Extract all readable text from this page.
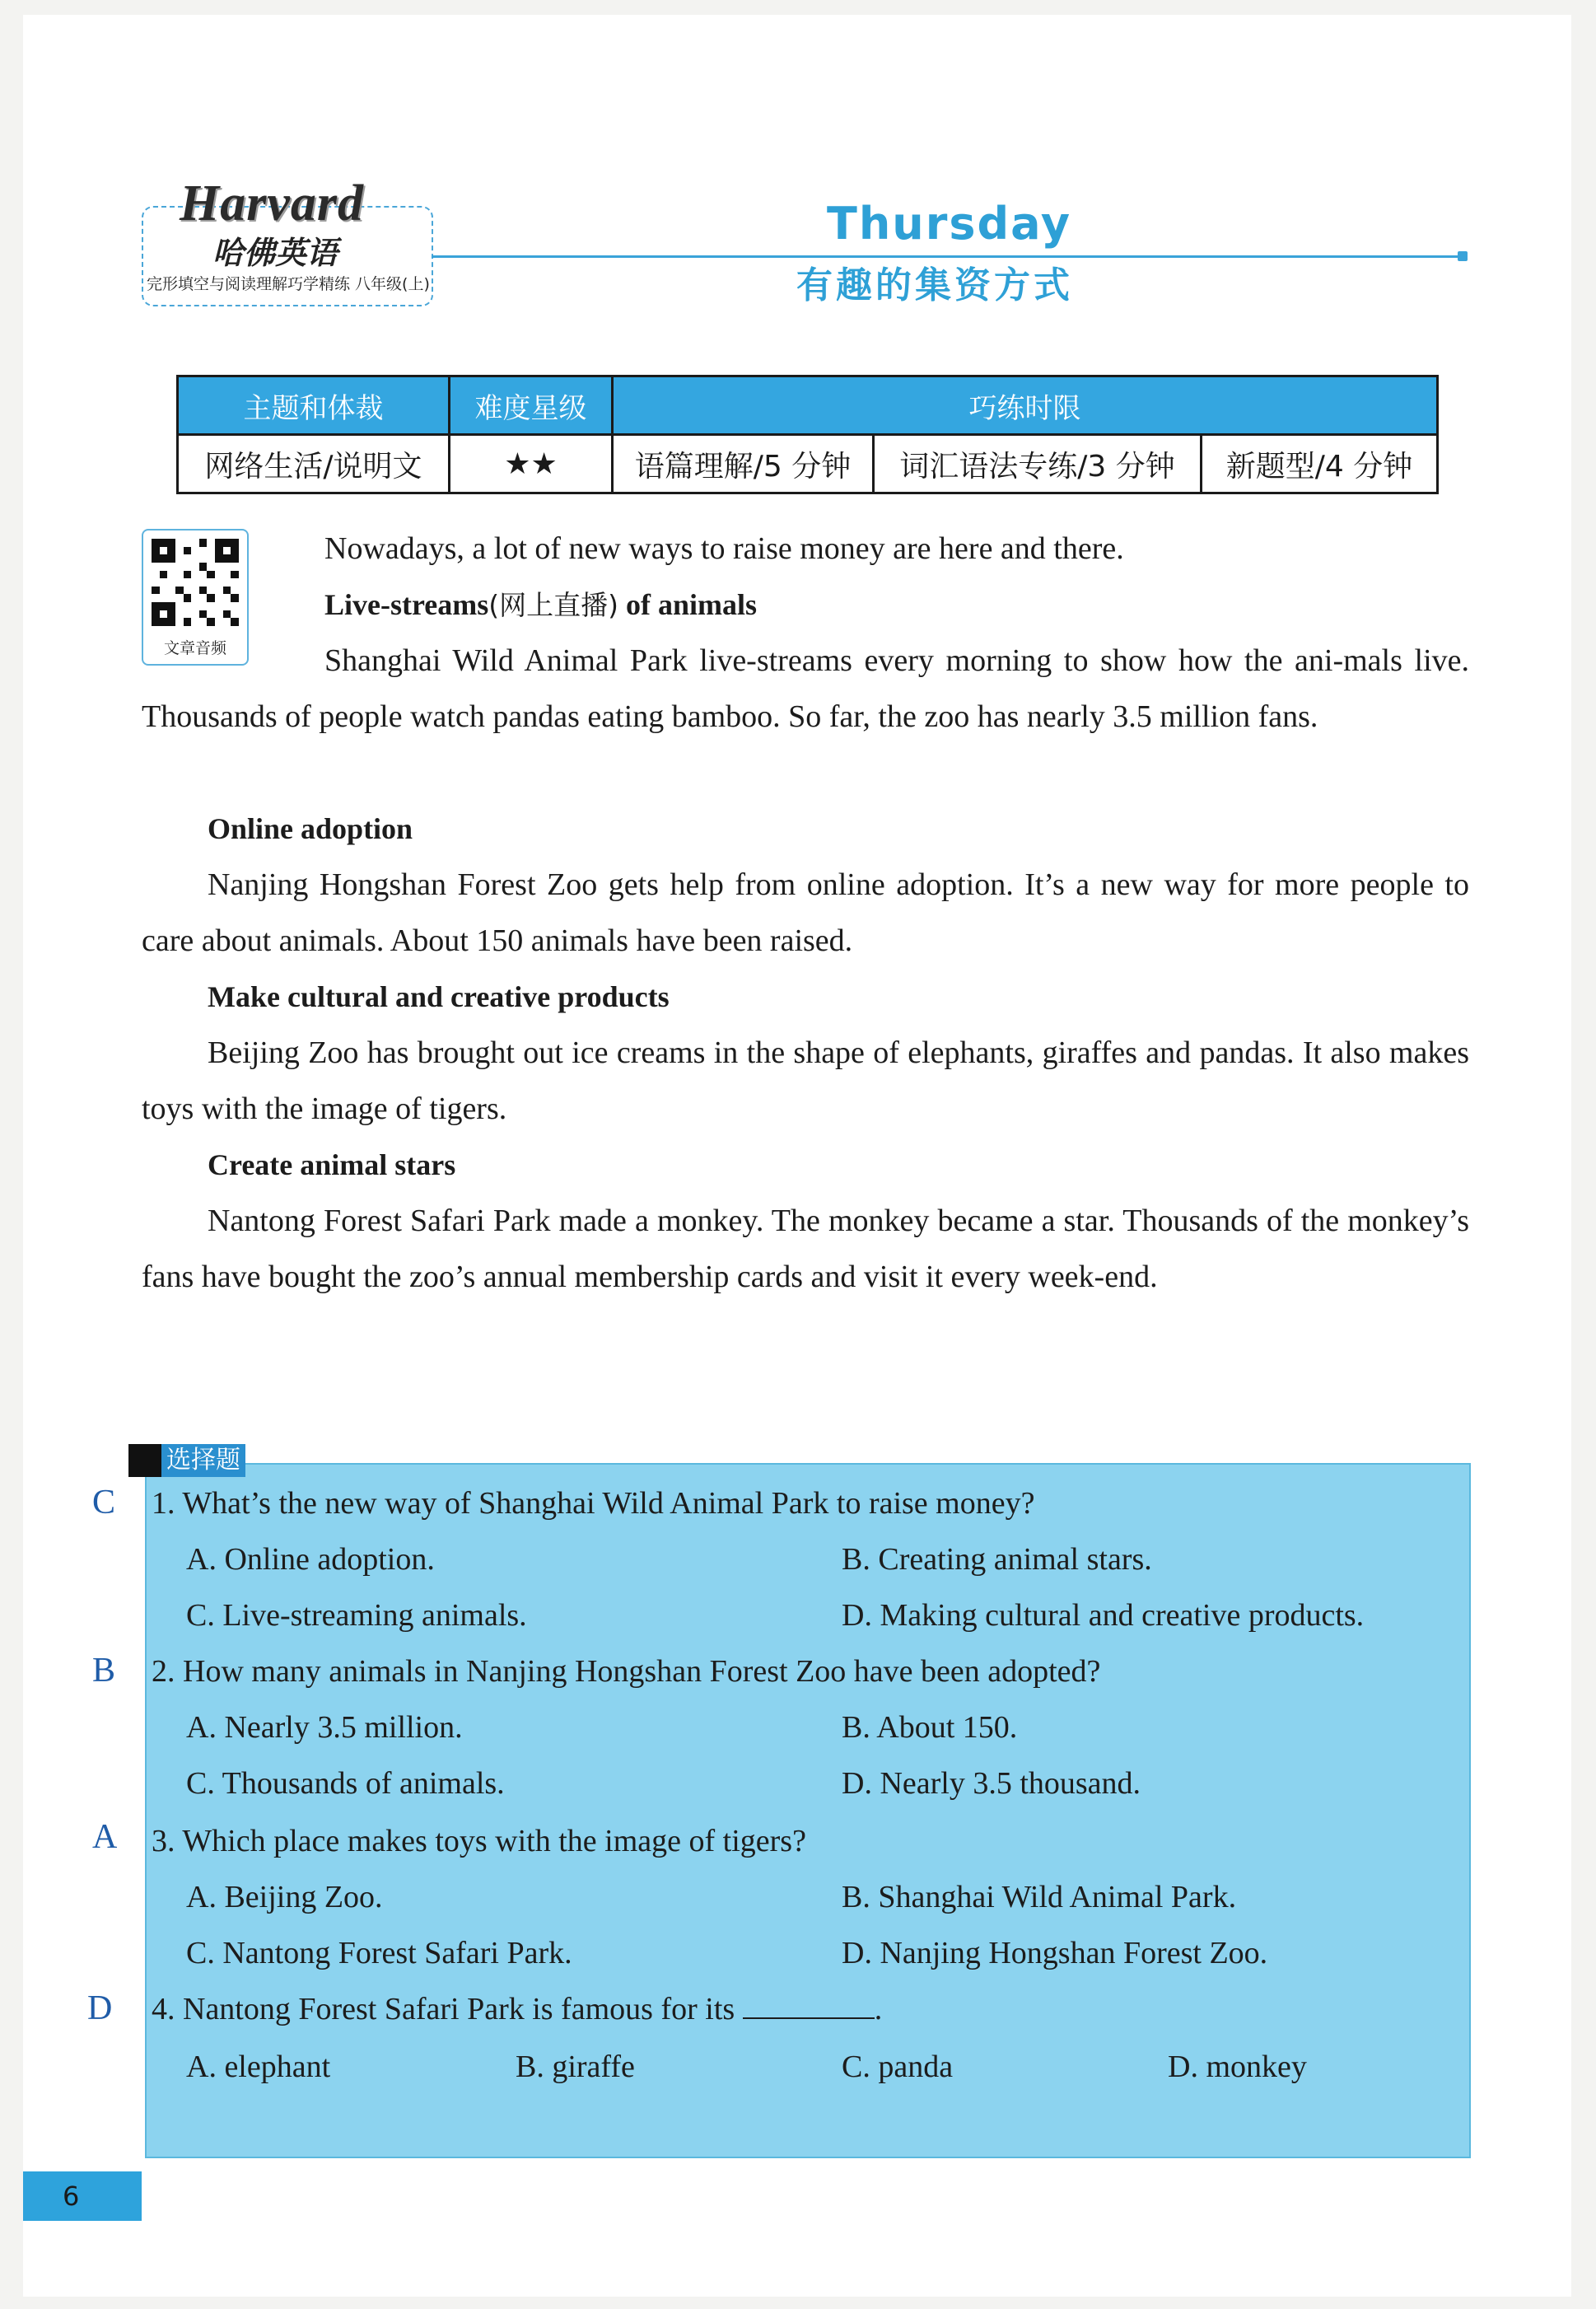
Harvard
哈佛英语
完形填空与阅读理解巧学精练 八年级(上)
Thursday
有趣的集资方式
主题和体裁	难度星级	巧练时限		
网络生活/说明文	★★	语篇理解/5 分钟	词汇语法专练/3 分钟	新题型/4 分钟
文章音频

Nowadays, a lot of new ways to raise money are here and there.

Live-streams(网上直播) of animals

Shanghai Wild Animal Park live-streams every morning to show how the ani-mals live. Thousands of people watch pandas eating bamboo. So far, the zoo has nearly 3.5 million fans.

Online adoption

Nanjing Hongshan Forest Zoo gets help from online adoption. It’s a new way for more people to care about animals. About 150 animals have been raised.

Make cultural and creative products

Beijing Zoo has brought out ice creams in the shape of elephants, giraffes and pandas. It also makes toys with the image of tigers.

Create animal stars

Nantong Forest Safari Park made a monkey. The monkey became a star. Thousands of the monkey’s fans have bought the zoo’s annual membership cards and visit it every week-end.

选择题
C 1. What’s the new way of Shanghai Wild Animal Park to raise money?

A. Online adoption.	B. Creating animal stars.

C. Live-streaming animals.	D. Making cultural and creative products.

B 2. How many animals in Nanjing Hongshan Forest Zoo have been adopted?

A. Nearly 3.5 million.	B. About 150.

C. Thousands of animals.	D. Nearly 3.5 thousand.

A 3. Which place makes toys with the image of tigers?

A. Beijing Zoo.	B. Shanghai Wild Animal Park.

C. Nantong Forest Safari Park.	D. Nanjing Hongshan Forest Zoo.

D 4. Nantong Forest Safari Park is famous for its	.

A. elephant	B. giraffe	C. panda	D. monkey

6
